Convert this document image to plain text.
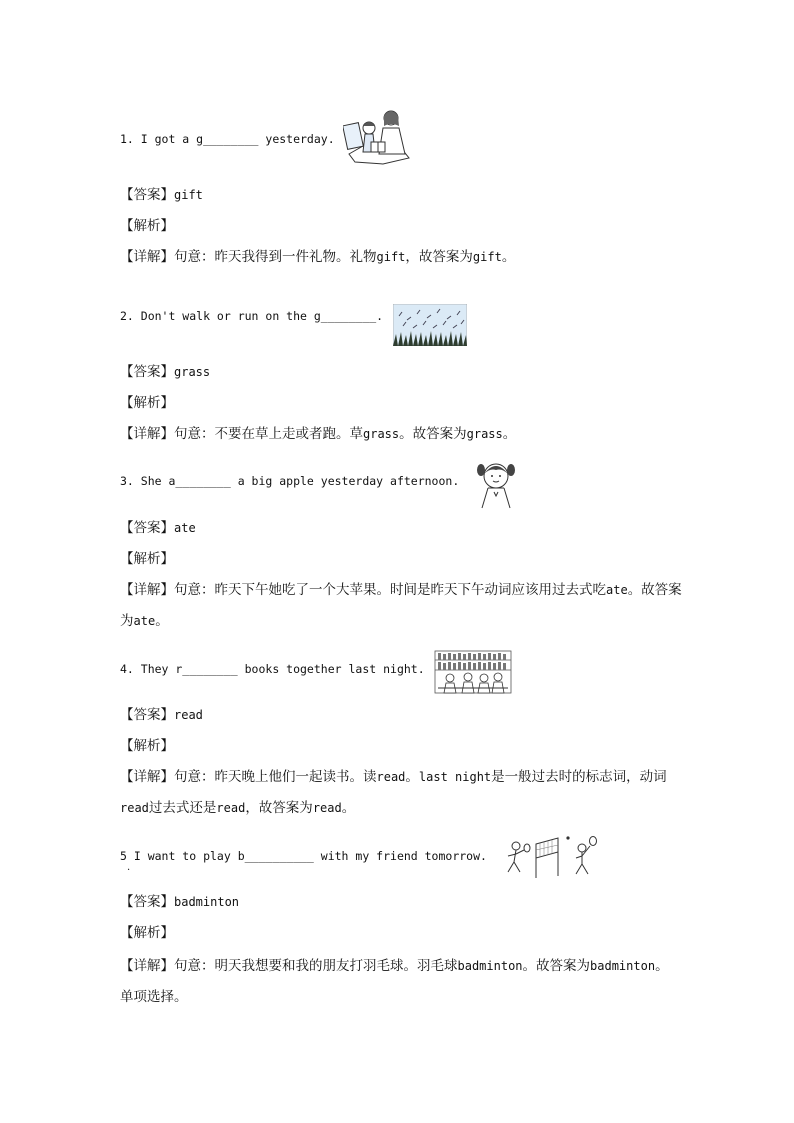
1. I got a g________ yesterday.
【答案】gift
【解析】
【详解】句意：昨天我得到一件礼物。礼物gift，故答案为gift。
2. Don't walk or run on the g________.
【答案】grass
【解析】
【详解】句意：不要在草上走或者跑。草grass。故答案为grass。
3. She a________ a big apple yesterday afternoon.
【答案】ate
【解析】
【详解】句意：昨天下午她吃了一个大苹果。时间是昨天下午动词应该用过去式吃ate。故答案为ate。
4. They r________ books together last night.
【答案】read
【解析】
【详解】句意：昨天晚上他们一起读书。读read。last night是一般过去时的标志词，动词read过去式还是read，故答案为read。
5 I want to play b__________ with my friend tomorrow.
.
【答案】badminton
【解析】
【详解】句意：明天我想要和我的朋友打羽毛球。羽毛球badminton。故答案为badminton。
单项选择。
